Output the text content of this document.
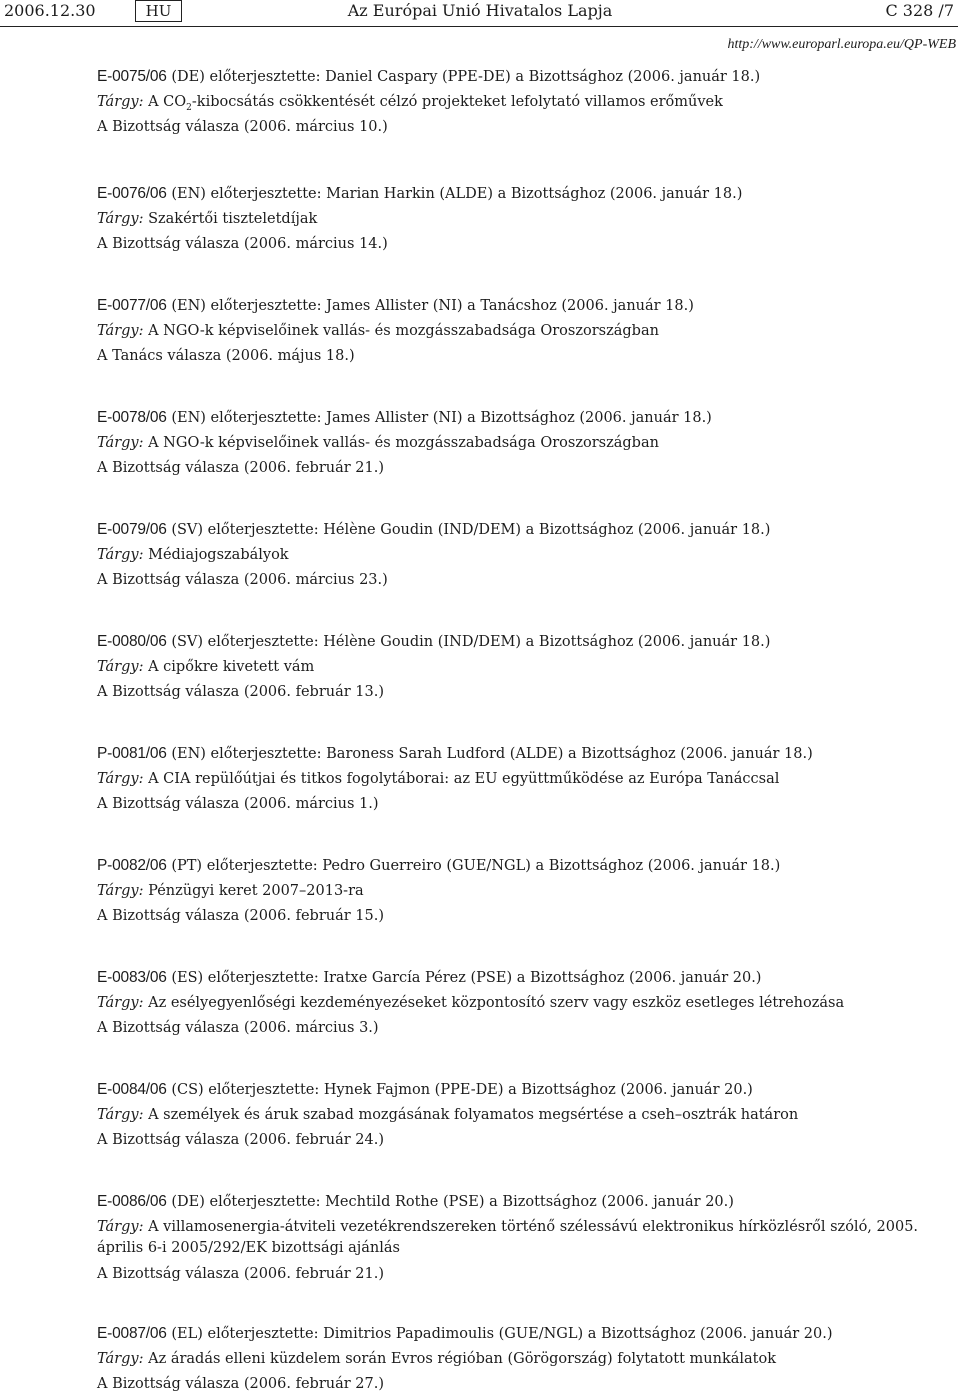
2006.12.30	HU	Az Európai Unió Hivatalos Lapja	C 328 /7
http://www.europarl.europa.eu/QP-WEB
E-0075/06 (DE) előterjesztette: Daniel Caspary (PPE-DE) a Bizottsághoz (2006. január 18.)
Tárgy: A $CO_2$-kibocsátás csökkentését célzó projekteket lefolytató villamos erőművek
A Bizottság válasza (2006. március 10.)
E-0076/06 (EN) előterjesztette: Marian Harkin (ALDE) a Bizottsághoz (2006. január 18.)
Tárgy: Szakértői tiszteletdíjak
A Bizottság válasza (2006. március 14.)
E-0077/06 (EN) előterjesztette: James Allister (NI) a Tanácshoz (2006. január 18.)
Tárgy: A NGO-k képviselőinek vallás- és mozgásszabadsága Oroszországban
A Tanács válasza (2006. május 18.)
E-0078/06 (EN) előterjesztette: James Allister (NI) a Bizottsághoz (2006. január 18.)
Tárgy: A NGO-k képviselőinek vallás- és mozgásszabadsága Oroszországban
A Bizottság válasza (2006. február 21.)
E-0079/06 (SV) előterjesztette: Hélène Goudin (IND/DEM) a Bizottsághoz (2006. január 18.)
Tárgy: Médiajogszabályok
A Bizottság válasza (2006. március 23.)
E-0080/06 (SV) előterjesztette: Hélène Goudin (IND/DEM) a Bizottsághoz (2006. január 18.)
Tárgy: A cipőkre kivetett vám
A Bizottság válasza (2006. február 13.)
P-0081/06 (EN) előterjesztette: Baroness Sarah Ludford (ALDE) a Bizottsághoz (2006. január 18.)
Tárgy: A CIA repülőútjai és titkos fogolytáborai: az EU együttműködése az Európa Tanáccsal
A Bizottság válasza (2006. március 1.)
P-0082/06 (PT) előterjesztette: Pedro Guerreiro (GUE/NGL) a Bizottsághoz (2006. január 18.)
Tárgy: Pénzügyi keret 2007–2013-ra
A Bizottság válasza (2006. február 15.)
E-0083/06 (ES) előterjesztette: Iratxe García Pérez (PSE) a Bizottsághoz (2006. január 20.)
Tárgy: Az esélyegyenlőségi kezdeményezéseket központosító szerv vagy eszköz esetleges létrehozása
A Bizottság válasza (2006. március 3.)
E-0084/06 (CS) előterjesztette: Hynek Fajmon (PPE-DE) a Bizottsághoz (2006. január 20.)
Tárgy: A személyek és áruk szabad mozgásának folyamatos megsértése a cseh–osztrák határon
A Bizottság válasza (2006. február 24.)
E-0086/06 (DE) előterjesztette: Mechtild Rothe (PSE) a Bizottsághoz (2006. január 20.)
Tárgy: A villamosenergia-átviteli vezetékrendszereken történő szélessávú elektronikus hírközlésről szóló, 2005. április 6-i 2005/292/EK bizottsági ajánlás
A Bizottság válasza (2006. február 21.)
E-0087/06 (EL) előterjesztette: Dimitrios Papadimoulis (GUE/NGL) a Bizottsághoz (2006. január 20.)
Tárgy: Az áradás elleni küzdelem során Evros régióban (Görögország) folytatott munkálatok
A Bizottság válasza (2006. február 27.)
